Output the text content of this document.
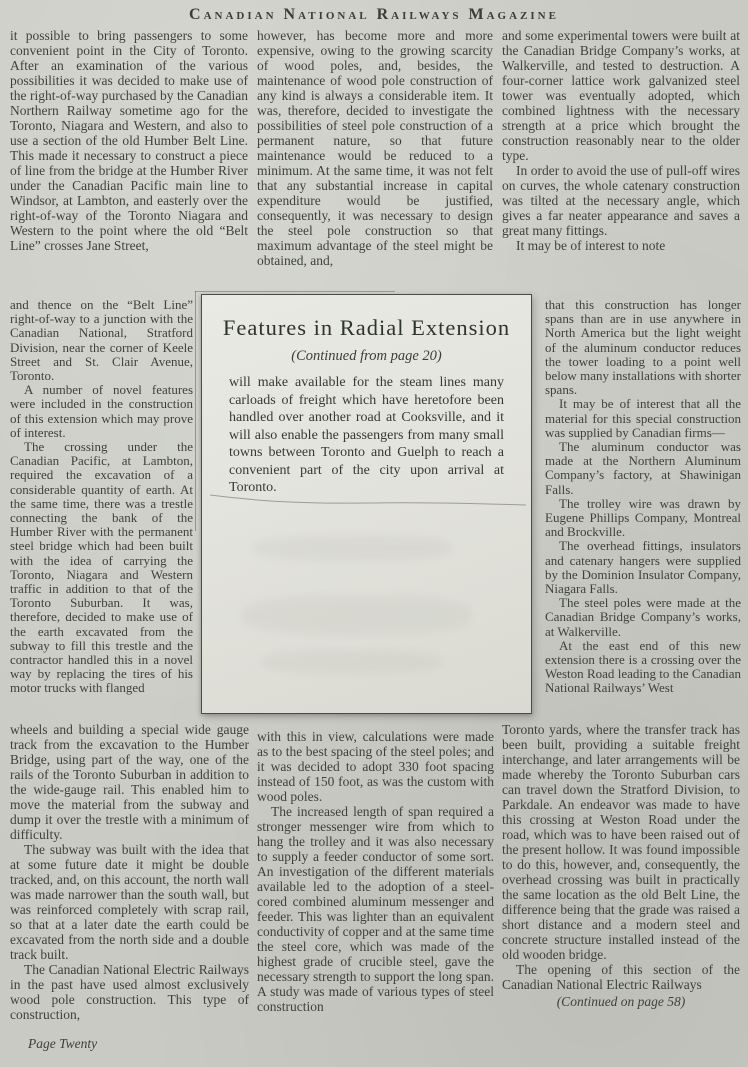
Canadian National Railways Magazine

it possible to bring passengers to some convenient point in the City of Toronto. After an examination of the various possibilities it was decided to make use of the right-of-way purchased by the Canadian Northern Railway sometime ago for the Toronto, Niagara and Western, and also to use a section of the old Humber Belt Line. This made it necessary to construct a piece of line from the bridge at the Humber River under the Canadian Pacific main line to Windsor, at Lambton, and easterly over the right-of-way of the Toronto Niagara and Western to the point where the old “Belt Line” crosses Jane Street,

and thence on the “Belt Line” right-of-way to a junction with the Canadian National, Stratford Division, near the corner of Keele Street and St. Clair Avenue, Toronto.

A number of novel features were included in the construction of this extension which may prove of interest.

The crossing under the Canadian Pacific, at Lambton, required the excavation of a considerable quantity of earth. At the same time, there was a trestle connecting the bank of the Humber River with the permanent steel bridge which had been built with the idea of carrying the Toronto, Niagara and Western traffic in addition to that of the Toronto Suburban. It was, therefore, decided to make use of the earth excavated from the subway to fill this trestle and the contractor handled this in a novel way by replacing the tires of his motor trucks with flanged

wheels and building a special wide gauge track from the excavation to the Humber Bridge, using part of the way, one of the rails of the Toronto Suburban in addition to the wide-gauge rail. This enabled him to move the material from the subway and dump it over the trestle with a minimum of difficulty.

The subway was built with the idea that at some future date it might be double tracked, and, on this account, the north wall was made narrower than the south wall, but was reinforced completely with scrap rail, so that at a later date the earth could be excavated from the north side and a double track built.

The Canadian National Electric Railways in the past have used almost exclusively wood pole construction. This type of construction,

however, has become more and more expensive, owing to the growing scarcity of wood poles, and, besides, the maintenance of wood pole construction of any kind is always a considerable item. It was, therefore, decided to investigate the possibilities of steel pole construction of a permanent nature, so that future maintenance would be reduced to a minimum. At the same time, it was not felt that any substantial increase in capital expenditure would be justified, consequently, it was necessary to design the steel pole construction so that maximum advantage of the steel might be obtained, and,

with this in view, calculations were made as to the best spacing of the steel poles; and it was decided to adopt 330 foot spacing instead of 150 foot, as was the custom with wood poles.

The increased length of span required a stronger messenger wire from which to hang the trolley and it was also necessary to supply a feeder conductor of some sort. An investigation of the different materials available led to the adoption of a steel-cored combined aluminum messenger and feeder. This was lighter than an equivalent conductivity of copper and at the same time the steel core, which was made of the highest grade of crucible steel, gave the necessary strength to support the long span. A study was made of various types of steel construction

and some experimental towers were built at the Canadian Bridge Company’s works, at Walkerville, and tested to destruction. A four-corner lattice work galvanized steel tower was eventually adopted, which combined lightness with the necessary strength at a price which brought the construction reasonably near to the older type.

In order to avoid the use of pull-off wires on curves, the whole catenary construction was tilted at the necessary angle, which gives a far neater appearance and saves a great many fittings.

It may be of interest to note

that this construction has longer spans than are in use anywhere in North America but the light weight of the aluminum conductor reduces the tower loading to a point well below many installations with shorter spans.

It may be of interest that all the material for this special construction was supplied by Canadian firms—

The aluminum conductor was made at the Northern Aluminum Company’s factory, at Shawinigan Falls.

The trolley wire was drawn by Eugene Phillips Company, Montreal and Brockville.

The overhead fittings, insulators and catenary hangers were supplied by the Dominion Insulator Company, Niagara Falls.

The steel poles were made at the Canadian Bridge Company’s works, at Walkerville.

At the east end of this new extension there is a crossing over the Weston Road leading to the Canadian National Railways’ West

Toronto yards, where the transfer track has been built, providing a suitable freight interchange, and later arrangements will be made whereby the Toronto Suburban cars can travel down the Stratford Division, to Parkdale. An endeavor was made to have this crossing at Weston Road under the road, which was to have been raised out of the present hollow. It was found impossible to do this, however, and, consequently, the overhead crossing was built in practically the same location as the old Belt Line, the difference being that the grade was raised a short distance and a modern steel and concrete structure installed instead of the old wooden bridge.

The opening of this section of the Canadian National Electric Railways

(Continued on page 58)
Features in Radial Extension
(Continued from page 20)
will make available for the steam lines many carloads of freight which have heretofore been handled over another road at Cooksville, and it will also enable the passengers from many small towns between Toronto and Guelph to reach a convenient part of the city upon arrival at Toronto.
Page Twenty
